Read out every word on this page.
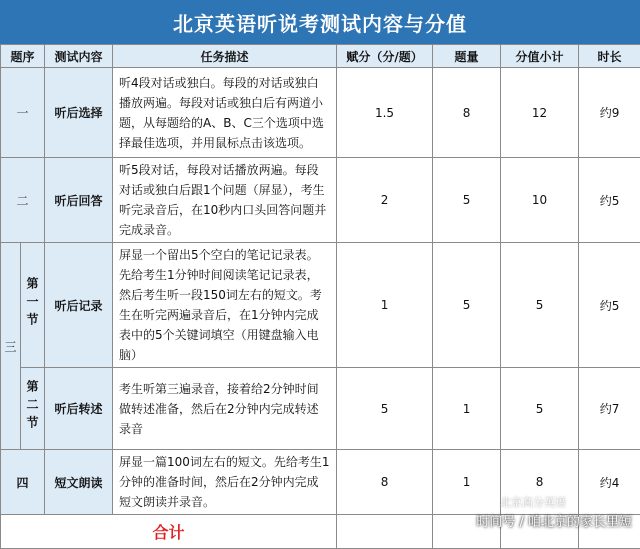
北京英语听说考测试内容与分值
题序		测试内容	任务描述	赋分（分/题）	题量	分值小计	时长
一		听后选择	听4段对话或独白。每段的对话或独白播放两遍。每段对话或独白后有两道小题，从每题给的A、B、C三个选项中选择最佳选项，并用鼠标点击该选项。	1.5	8	12	约9
二		听后回答	听5段对话，每段对话播放两遍。每段对话或独白后跟1个问题（屏显），考生听完录音后，在10秒内口头回答问题并完成录音。	2	5	10	约5
三	第一节	听后记录	屏显一个留出5个空白的笔记记录表。先给考生1分钟时间阅读笔记记录表，然后考生听一段150词左右的短文。考生在听完两遍录音后，在1分钟内完成表中的5个关键词填空（用键盘输入电脑）	1	5	5	约5
	第二节	听后转述	考生听第三遍录音，接着给2分钟时间做转述准备，然后在2分钟内完成转述录音	5	1	5	约7
四		短文朗读	屏显一篇100词左右的短文。先给考生1分钟的准备时间，然后在2分钟内完成短文朗读并录音。	8	1	8	约4
合计							
北京高分英语
时间号 / 咱北京的家长里短
